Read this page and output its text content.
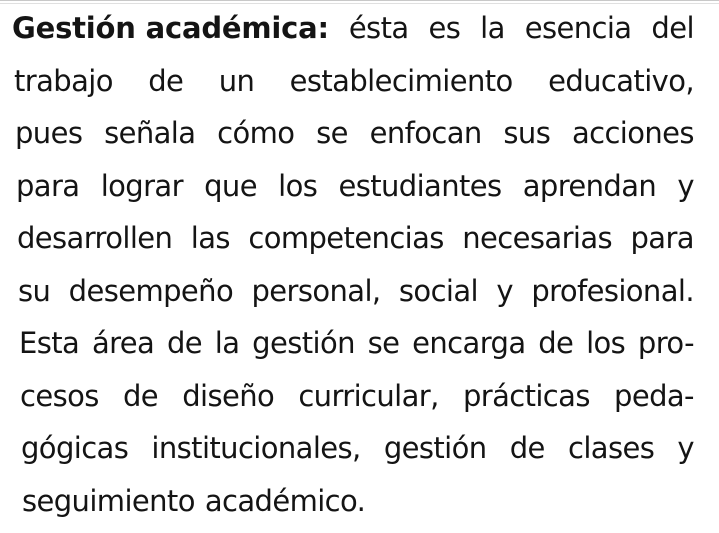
Gestión académica: ésta es la esencia del
trabajo de un establecimiento educativo,
pues señala cómo se enfocan sus acciones
para lograr que los estudiantes aprendan y
desarrollen las competencias necesarias para
su desempeño personal, social y profesional.
Esta área de la gestión se encarga de los pro-
cesos de diseño curricular, prácticas peda-
gógicas institucionales, gestión de clases y
seguimiento académico.
